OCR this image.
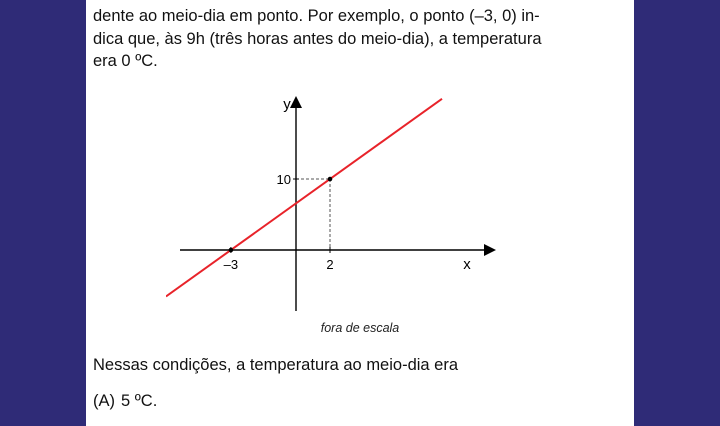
dente ao meio-dia em ponto. Por exemplo, o ponto (–3, 0) in-
dica que, às 9h (três horas antes do meio-dia), a temperatura
era 0 ºC.

–3	2
10
x
y
fora de escala

Nessas condições, a temperatura ao meio-dia era

(A) 5 ºC.
